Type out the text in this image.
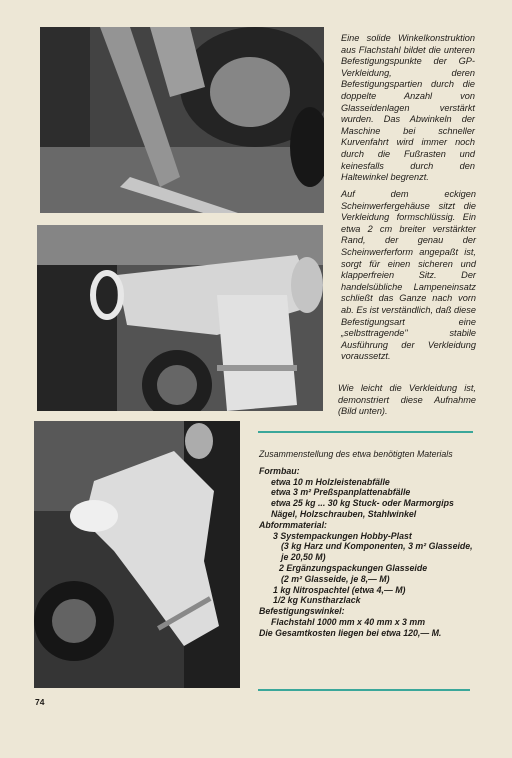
Eine solide Winkelkonstruktion aus Flachstahl bildet die unteren Befestigungspunkte der GP-Verkleidung, deren Befestigungspartien durch die doppelte Anzahl von Glasseidenlagen verstärkt wurden. Das Abwinkeln der Maschine bei schneller Kurvenfahrt wird immer noch durch die Fußrasten und keinesfalls durch den Haltewinkel begrenzt.

Auf dem eckigen Scheinwerfergehäuse sitzt die Verkleidung formschlüssig. Ein etwa 2 cm breiter verstärkter Rand, der genau der Scheinwerferform angepaßt ist, sorgt für einen sicheren und klapperfreien Sitz. Der handelsübliche Lampeneinsatz schließt das Ganze nach vorn ab. Es ist verständlich, daß diese Befestigungsart eine „selbsttragende" stabile Ausführung der Verkleidung voraussetzt.

Wie leicht die Verkleidung ist, demonstriert diese Aufnahme (Bild unten).

Zusammenstellung des etwa benötigten Materials
Formbau:
etwa 10 m Holzleistenabfälle
etwa 3 m² Preßspanplattenabfälle
etwa 25 kg ... 30 kg Stuck- oder Marmorgips
Nägel, Holzschrauben, Stahlwinkel
Abformmaterial:
3 Systempackungen Hobby-Plast
(3 kg Harz und Komponenten, 3 m² Glasseide, je 20,50 M)
2 Ergänzungspackungen Glasseide
(2 m² Glasseide, je 8,— M)
1 kg Nitrospachtel (etwa 4,— M)
1/2 kg Kunstharzlack
Befestigungswinkel:
Flachstahl 1000 mm x 40 mm x 3 mm
Die Gesamtkosten liegen bei etwa 120,— M.
74
